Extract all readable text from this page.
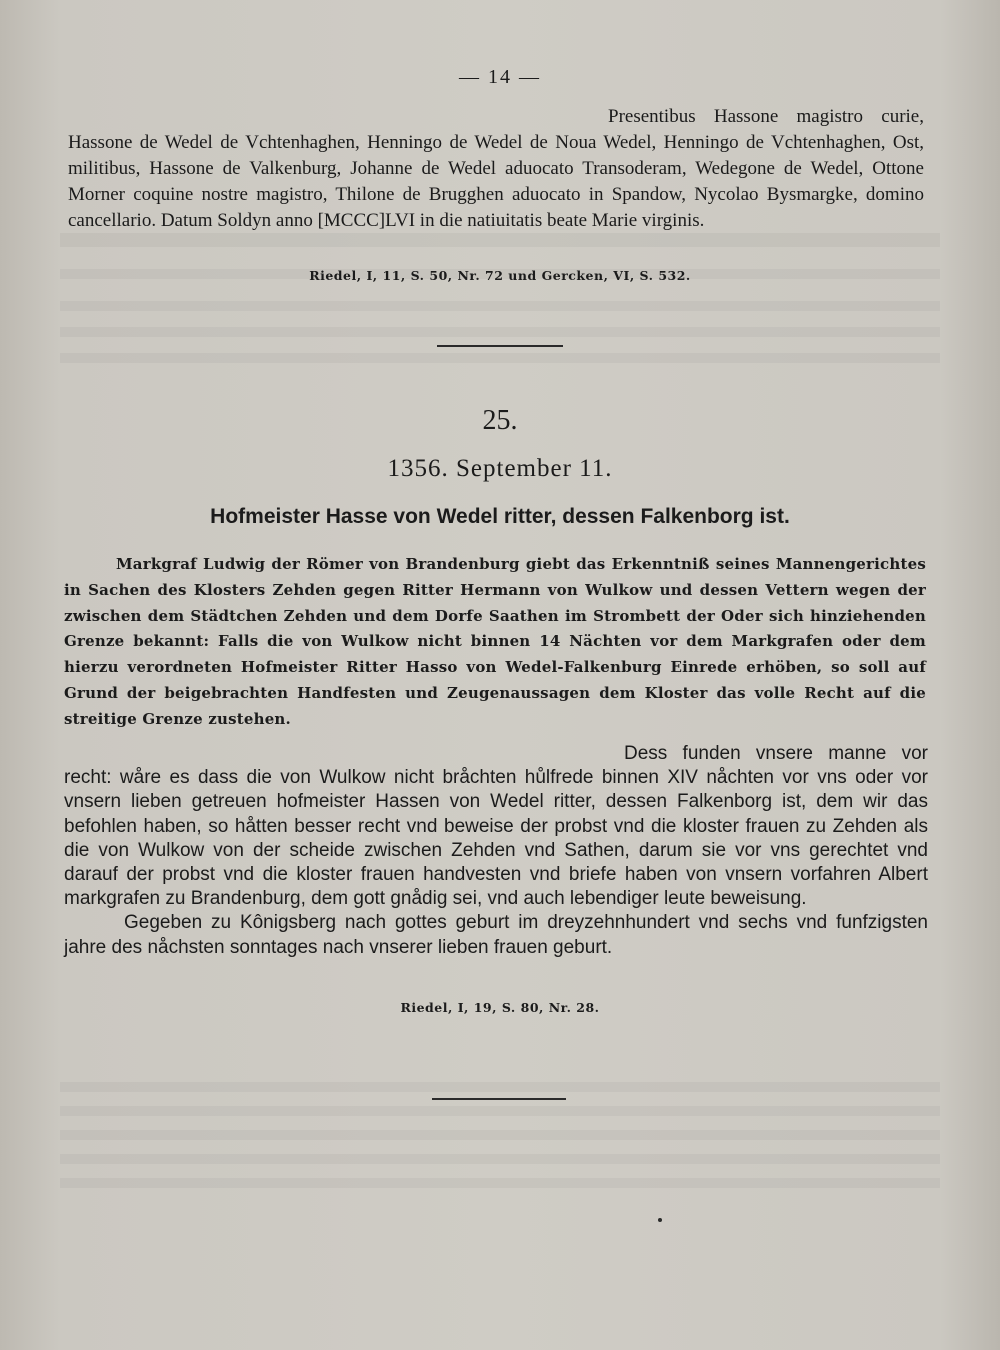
— 14 —

Presentibus Hassone magistro curie, Hassone de Wedel de Vchtenhaghen, Henningo de Wedel de Noua Wedel, Henningo de Vchtenhaghen, Ost, militibus, Hassone de Valkenburg, Johanne de Wedel aduocato Transoderam, Wedegone de Wedel, Ottone Morner coquine nostre magistro, Thilone de Brugghen aduocato in Spandow, Nycolao Bysmargke, domino cancellario. Datum Soldyn anno [MCCC]LVI in die natiuitatis beate Marie virginis.

Riedel, I, 11, S. 50, Nr. 72 und Gercken, VI, S. 532.
25.
1356. September 11.
Hofmeister Hasse von Wedel ritter, dessen Falkenborg ist.

Markgraf Ludwig der Römer von Brandenburg giebt das Erkenntniß seines Mannengerichtes in Sachen des Klosters Zehden gegen Ritter Hermann von Wulkow und dessen Vettern wegen der zwischen dem Städtchen Zehden und dem Dorfe Saathen im Strombett der Oder sich hinziehenden Grenze bekannt: Falls die von Wulkow nicht binnen 14 Nächten vor dem Markgrafen oder dem hierzu verordneten Hofmeister Ritter Hasso von Wedel-Falkenburg Einrede erhöben, so soll auf Grund der beigebrachten Handfesten und Zeugenaussagen dem Kloster das volle Recht auf die streitige Grenze zustehen.

Dess funden vnsere manne vor recht: wåre es dass die von Wulkow nicht bråchten hůlfrede binnen XIV nåchten vor vns oder vor vnsern lieben getreuen hofmeister Hassen von Wedel ritter, dessen Falkenborg ist, dem wir das befohlen haben, so håtten besser recht vnd beweise der probst vnd die kloster frauen zu Zehden als die von Wulkow von der scheide zwischen Zehden vnd Sathen, darum sie vor vns gerechtet vnd darauf der probst vnd die kloster frauen handvesten vnd briefe haben von vnsern vorfahren Albert markgrafen zu Brandenburg, dem gott gnådig sei, vnd auch lebendiger leute beweisung.

Gegeben zu Kônigsberg nach gottes geburt im dreyzehnhundert vnd sechs vnd funfzigsten jahre des nåchsten sonntages nach vnserer lieben frauen geburt.

Riedel, I, 19, S. 80, Nr. 28.
